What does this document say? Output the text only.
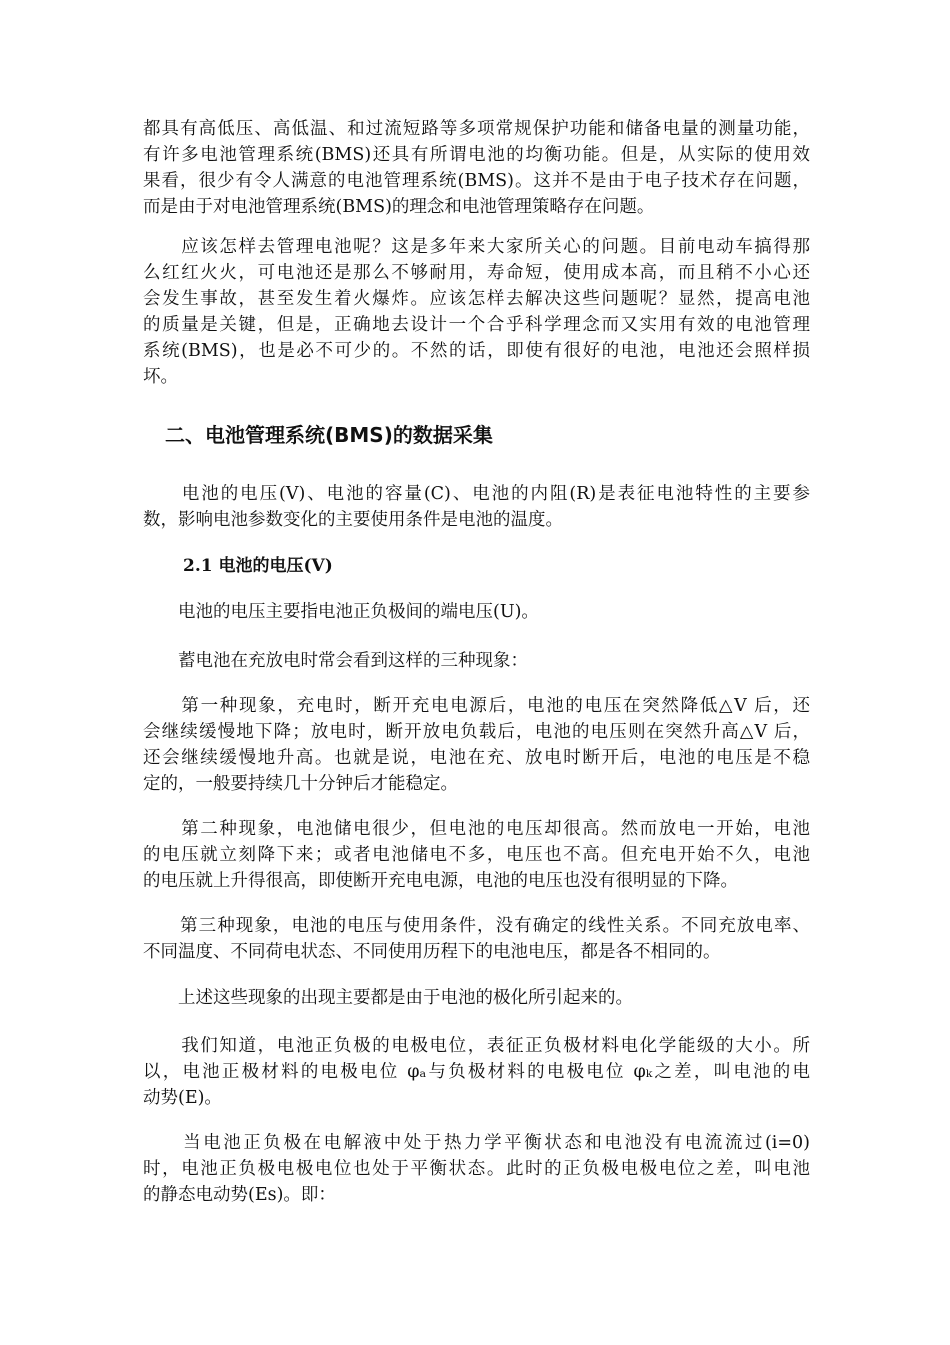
都具有高低压、高低温、和过流短路等多项常规保护功能和储备电量的测量功能，
有许多电池管理系统(BMS)还具有所谓电池的均衡功能。但是，从实际的使用效
果看，很少有令人满意的电池管理系统(BMS)。这并不是由于电子技术存在问题，
而是由于对电池管理系统(BMS)的理念和电池管理策略存在问题。
　　应该怎样去管理电池呢？这是多年来大家所关心的问题。目前电动车搞得那
么红红火火，可电池还是那么不够耐用，寿命短，使用成本高，而且稍不小心还
会发生事故，甚至发生着火爆炸。应该怎样去解决这些问题呢？显然，提高电池
的质量是关键，但是，正确地去设计一个合乎科学理念而又实用有效的电池管理
系统(BMS)，也是必不可少的。不然的话，即使有很好的电池，电池还会照样损
坏。
二、电池管理系统(BMS)的数据采集
　　电池的电压(V)、电池的容量(C)、电池的内阻(R)是表征电池特性的主要参
数，影响电池参数变化的主要使用条件是电池的温度。
2.1 电池的电压(V)
　　电池的电压主要指电池正负极间的端电压(U)。
　　蓄电池在充放电时常会看到这样的三种现象：
　　第一种现象，充电时，断开充电电源后，电池的电压在突然降低△V 后，还
会继续缓慢地下降；放电时，断开放电负载后，电池的电压则在突然升高△V 后，
还会继续缓慢地升高。也就是说，电池在充、放电时断开后，电池的电压是不稳
定的，一般要持续几十分钟后才能稳定。
　　第二种现象，电池储电很少，但电池的电压却很高。然而放电一开始，电池
的电压就立刻降下来；或者电池储电不多，电压也不高。但充电开始不久，电池
的电压就上升得很高，即使断开充电电源，电池的电压也没有很明显的下降。
　　第三种现象，电池的电压与使用条件，没有确定的线性关系。不同充放电率、
不同温度、不同荷电状态、不同使用历程下的电池电压，都是各不相同的。
　　上述这些现象的出现主要都是由于电池的极化所引起来的。
　　我们知道，电池正负极的电极电位，表征正负极材料电化学能级的大小。所
以，电池正极材料的电极电位 φₐ与负极材料的电极电位 φₖ之差，叫电池的电
动势(E)。
　　当电池正负极在电解液中处于热力学平衡状态和电池没有电流流过(i=0)
时，电池正负极电极电位也处于平衡状态。此时的正负极电极电位之差，叫电池
的静态电动势(Es)。即：
